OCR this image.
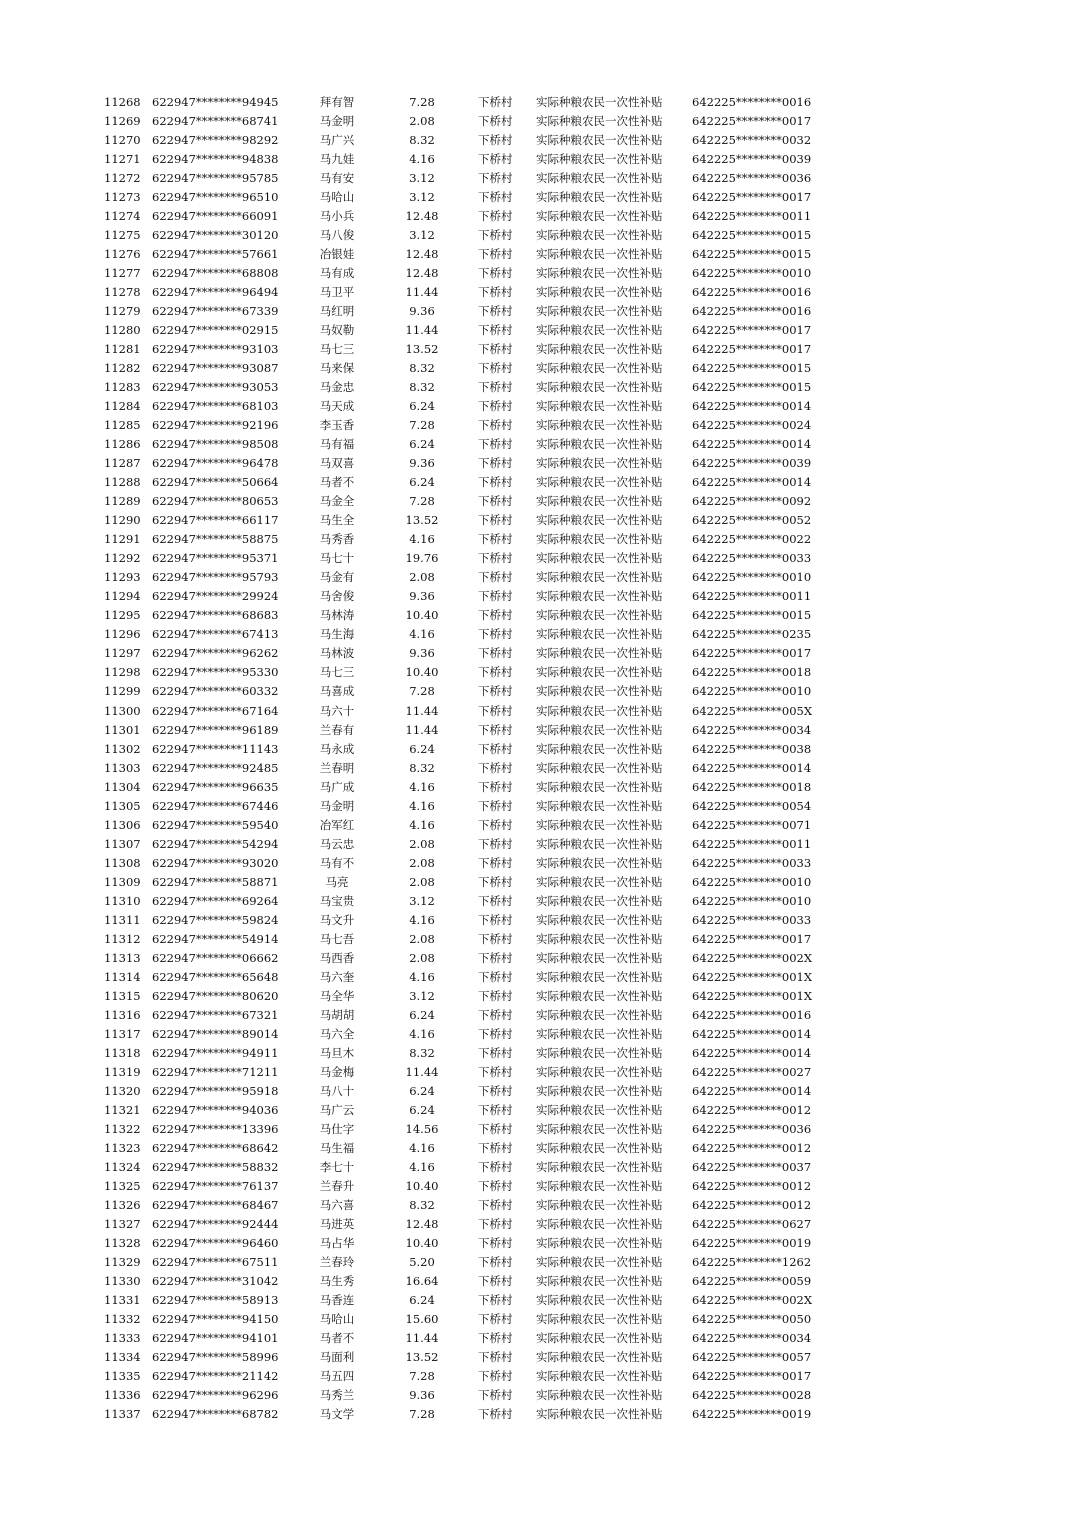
11268 622947********94945	拜有智	7.28	下桥村 实际种粮农民一次性补贴	642225********0016
11269 622947********68741	马金明	2.08	下桥村 实际种粮农民一次性补贴	642225********0017
11270 622947********98292	马广兴	8.32	下桥村 实际种粮农民一次性补贴	642225********0032
11271 622947********94838	马九娃	4.16	下桥村 实际种粮农民一次性补贴	642225********0039
11272 622947********95785	马有安	3.12	下桥村 实际种粮农民一次性补贴	642225********0036
11273 622947********96510	马哈山	3.12	下桥村 实际种粮农民一次性补贴	642225********0017
11274 622947********66091	马小兵	12.48	下桥村 实际种粮农民一次性补贴	642225********0011
11275 622947********30120	马八俊	3.12	下桥村 实际种粮农民一次性补贴	642225********0015
11276 622947********57661	冶银娃	12.48	下桥村 实际种粮农民一次性补贴	642225********0015
11277 622947********68808	马有成	12.48	下桥村 实际种粮农民一次性补贴	642225********0010
11278 622947********96494	马卫平	11.44	下桥村 实际种粮农民一次性补贴	642225********0016
11279 622947********67339	马红明	9.36	下桥村 实际种粮农民一次性补贴	642225********0016
11280 622947********02915	马奴勒	11.44	下桥村 实际种粮农民一次性补贴	642225********0017
11281 622947********93103	马七三	13.52	下桥村 实际种粮农民一次性补贴	642225********0017
11282 622947********93087	马来保	8.32	下桥村 实际种粮农民一次性补贴	642225********0015
11283 622947********93053	马金忠	8.32	下桥村 实际种粮农民一次性补贴	642225********0015
11284 622947********68103	马天成	6.24	下桥村 实际种粮农民一次性补贴	642225********0014
11285 622947********92196	李玉香	7.28	下桥村 实际种粮农民一次性补贴	642225********0024
11286 622947********98508	马有福	6.24	下桥村 实际种粮农民一次性补贴	642225********0014
11287 622947********96478	马双喜	9.36	下桥村 实际种粮农民一次性补贴	642225********0039
11288 622947********50664	马者不	6.24	下桥村 实际种粮农民一次性补贴	642225********0014
11289 622947********80653	马金全	7.28	下桥村 实际种粮农民一次性补贴	642225********0092
11290 622947********66117	马生全	13.52	下桥村 实际种粮农民一次性补贴	642225********0052
11291 622947********58875	马秀香	4.16	下桥村 实际种粮农民一次性补贴	642225********0022
11292 622947********95371	马七十	19.76	下桥村 实际种粮农民一次性补贴	642225********0033
11293 622947********95793	马金有	2.08	下桥村 实际种粮农民一次性补贴	642225********0010
11294 622947********29924	马舍俊	9.36	下桥村 实际种粮农民一次性补贴	642225********0011
11295 622947********68683	马林涛	10.40	下桥村 实际种粮农民一次性补贴	642225********0015
11296 622947********67413	马生海	4.16	下桥村 实际种粮农民一次性补贴	642225********0235
11297 622947********96262	马林波	9.36	下桥村 实际种粮农民一次性补贴	642225********0017
11298 622947********95330	马七三	10.40	下桥村 实际种粮农民一次性补贴	642225********0018
11299 622947********60332	马喜成	7.28	下桥村 实际种粮农民一次性补贴	642225********0010
11300 622947********67164	马六十	11.44	下桥村 实际种粮农民一次性补贴	642225********005X
11301 622947********96189	兰春有	11.44	下桥村 实际种粮农民一次性补贴	642225********0034
11302 622947********11143	马永成	6.24	下桥村 实际种粮农民一次性补贴	642225********0038
11303 622947********92485	兰春明	8.32	下桥村 实际种粮农民一次性补贴	642225********0014
11304 622947********96635	马广成	4.16	下桥村 实际种粮农民一次性补贴	642225********0018
11305 622947********67446	马金明	4.16	下桥村 实际种粮农民一次性补贴	642225********0054
11306 622947********59540	冶军红	4.16	下桥村 实际种粮农民一次性补贴	642225********0071
11307 622947********54294	马云忠	2.08	下桥村 实际种粮农民一次性补贴	642225********0011
11308 622947********93020	马有不	2.08	下桥村 实际种粮农民一次性补贴	642225********0033
11309 622947********58871	马亮	2.08	下桥村 实际种粮农民一次性补贴	642225********0010
11310 622947********69264	马宝贵	3.12	下桥村 实际种粮农民一次性补贴	642225********0010
11311 622947********59824	马文升	4.16	下桥村 实际种粮农民一次性补贴	642225********0033
11312 622947********54914	马七吾	2.08	下桥村 实际种粮农民一次性补贴	642225********0017
11313 622947********06662	马西香	2.08	下桥村 实际种粮农民一次性补贴	642225********002X
11314 622947********65648	马六奎	4.16	下桥村 实际种粮农民一次性补贴	642225********001X
11315 622947********80620	马全华	3.12	下桥村 实际种粮农民一次性补贴	642225********001X
11316 622947********67321	马胡胡	6.24	下桥村 实际种粮农民一次性补贴	642225********0016
11317 622947********89014	马六全	4.16	下桥村 实际种粮农民一次性补贴	642225********0014
11318 622947********94911	马旦木	8.32	下桥村 实际种粮农民一次性补贴	642225********0014
11319 622947********71211	马金梅	11.44	下桥村 实际种粮农民一次性补贴	642225********0027
11320 622947********95918	马八十	6.24	下桥村 实际种粮农民一次性补贴	642225********0014
11321 622947********94036	马广云	6.24	下桥村 实际种粮农民一次性补贴	642225********0012
11322 622947********13396	马仕字	14.56	下桥村 实际种粮农民一次性补贴	642225********0036
11323 622947********68642	马生福	4.16	下桥村 实际种粮农民一次性补贴	642225********0012
11324 622947********58832	李七十	4.16	下桥村 实际种粮农民一次性补贴	642225********0037
11325 622947********76137	兰春升	10.40	下桥村 实际种粮农民一次性补贴	642225********0012
11326 622947********68467	马六喜	8.32	下桥村 实际种粮农民一次性补贴	642225********0012
11327 622947********92444	马进英	12.48	下桥村 实际种粮农民一次性补贴	642225********0627
11328 622947********96460	马占华	10.40	下桥村 实际种粮农民一次性补贴	642225********0019
11329 622947********67511	兰春玲	5.20	下桥村 实际种粮农民一次性补贴	642225********1262
11330 622947********31042	马生秀	16.64	下桥村 实际种粮农民一次性补贴	642225********0059
11331 622947********58913	马香连	6.24	下桥村 实际种粮农民一次性补贴	642225********002X
11332 622947********94150	马哈山	15.60	下桥村 实际种粮农民一次性补贴	642225********0050
11333 622947********94101	马者不	11.44	下桥村 实际种粮农民一次性补贴	642225********0034
11334 622947********58996	马面利	13.52	下桥村 实际种粮农民一次性补贴	642225********0057
11335 622947********21142	马五四	7.28	下桥村 实际种粮农民一次性补贴	642225********0017
11336 622947********96296	马秀兰	9.36	下桥村 实际种粮农民一次性补贴	642225********0028
11337 622947********68782	马文学	7.28	下桥村 实际种粮农民一次性补贴	642225********0019
